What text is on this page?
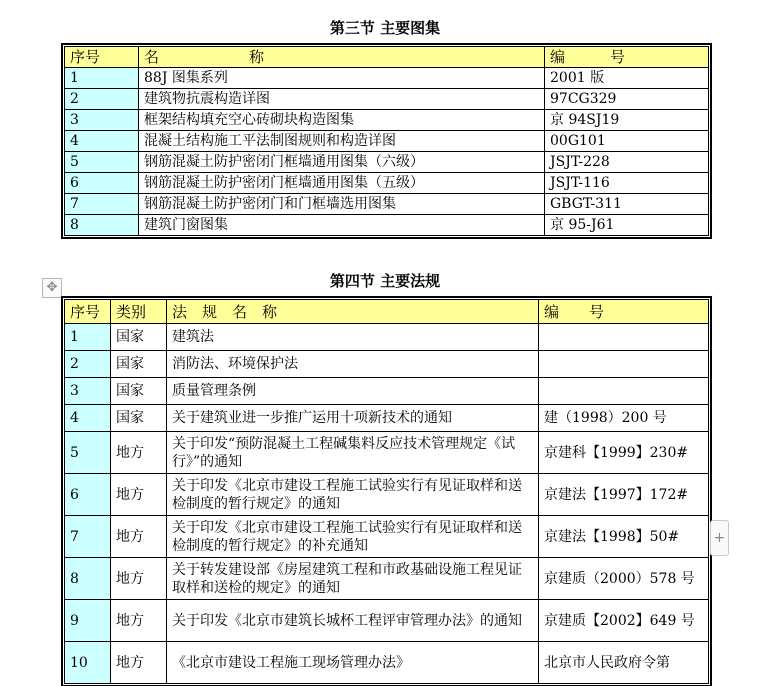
第三节 主要图集
序号	名　　　　　　称	编　　　号
1	88J 图集系列	2001 版
2	建筑物抗震构造详图	97CG329
3	框架结构填充空心砖砌块构造图集	京 94SJ19
4	混凝土结构施工平法制图规则和构造详图	00G101
5	钢筋混凝土防护密闭门框墙通用图集（六级）	JSJT-228
6	钢筋混凝土防护密闭门框墙通用图集（五级）	JSJT-116
7	钢筋混凝土防护密闭门和门框墙选用图集	GBGT-311
8	建筑门窗图集	京 95-J61
第四节 主要法规
✥
序号	类别	法　规　名　称	编　　号
1	国家	建筑法	
2	国家	消防法、环境保护法	
3	国家	质量管理条例	
4	国家	关于建筑业进一步推广运用十项新技术的通知	建（1998）200 号
5	地方	关于印发“预防混凝土工程碱集料反应技术管理规定《试行》”的通知	京建科【1999】230#
6	地方	关于印发《北京市建设工程施工试验实行有见证取样和送检制度的暂行规定》的通知	京建法【1997】172#
7	地方	关于印发《北京市建设工程施工试验实行有见证取样和送检制度的暂行规定》的补充通知	京建法【1998】50#
8	地方	关于转发建设部《房屋建筑工程和市政基础设施工程见证取样和送检的规定》的通知	京建质（2000）578 号
9	地方	关于印发《北京市建筑长城杯工程评审管理办法》的通知	京建质【2002】649 号
10	地方	《北京市建设工程施工现场管理办法》	北京市人民政府令第
+
